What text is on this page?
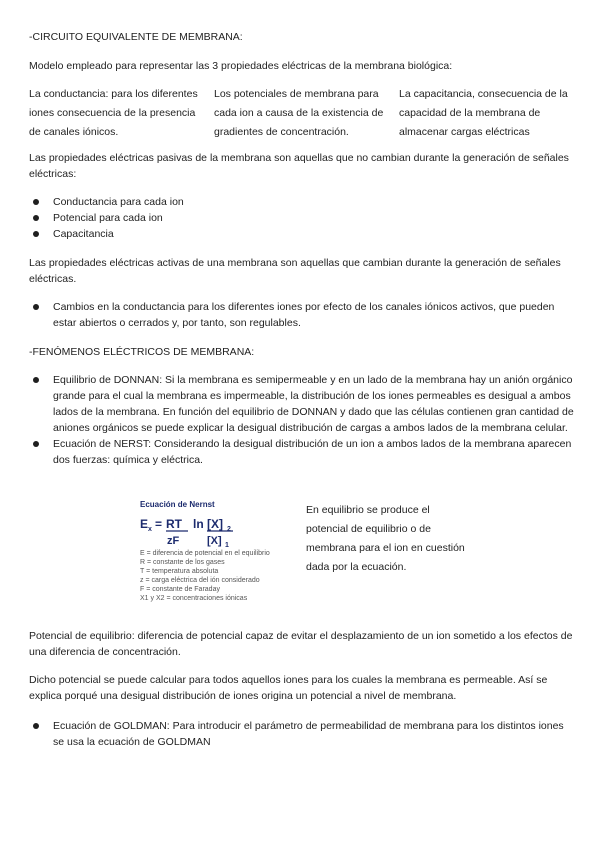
-CIRCUITO EQUIVALENTE DE MEMBRANA:

Modelo empleado para representar las 3 propiedades eléctricas de la membrana biológica:

La conductancia: para los diferentes iones consecuencia de la presencia de canales iónicos.

Los potenciales de membrana para cada ion a causa de la existencia de gradientes de concentración.

La capacitancia, consecuencia de la capacidad de la membrana de almacenar cargas eléctricas

Las propiedades eléctricas pasivas de la membrana son aquellas que no cambian durante la generación de señales eléctricas:

Conductancia para cada ion
Potencial para cada ion
Capacitancia

Las propiedades eléctricas activas de una membrana son aquellas que cambian durante la generación de señales eléctricas.

Cambios en la conductancia para los diferentes iones por efecto de los canales iónicos activos, que pueden estar abiertos o cerrados y, por tanto, son regulables.

-FENÓMENOS ELÉCTRICOS DE MEMBRANA:

Equilibrio de DONNAN: Si la membrana es semipermeable y en un lado de la membrana hay un anión orgánico grande para el cual la membrana es impermeable, la distribución de los iones permeables es desigual a ambos lados de la membrana. En función del equilibrio de DONNAN y dado que las células contienen gran cantidad de aniones orgánicos se puede explicar la desigual distribución de cargas a ambos lados de la membrana celular.
Ecuación de NERST: Considerando la desigual distribución de un ion a ambos lados de la membrana aparecen dos fuerzas: química y eléctrica.
Ecuación de Nernst
E x = RT
zF
ln [X] 2
[X] 1
E = diferencia de potencial en el equilibrio
R = constante de los gases
T = temperatura absoluta
z = carga eléctrica del ión considerado
F = constante de Faraday
X1 y X2 = concentraciones iónicas

En equilibrio se produce el potencial de equilibrio o de membrana para el ion en cuestión dada por la ecuación.

Potencial de equilibrio: diferencia de potencial capaz de evitar el desplazamiento de un ion sometido a los efectos de una diferencia de concentración.

Dicho potencial se puede calcular para todos aquellos iones para los cuales la membrana es permeable. Así se explica porqué una desigual distribución de iones origina un potencial a nivel de membrana.

Ecuación de GOLDMAN: Para introducir el parámetro de permeabilidad de membrana para los distintos iones se usa la ecuación de GOLDMAN
